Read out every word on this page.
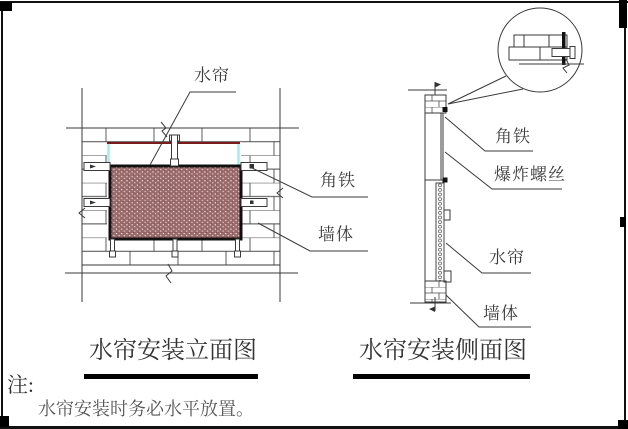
水帘
角铁
墙体
角铁
爆炸螺丝
水帘
墙体
水帘安装立面图	水帘安装侧面图
注:
水帘安装时务必水平放置。
